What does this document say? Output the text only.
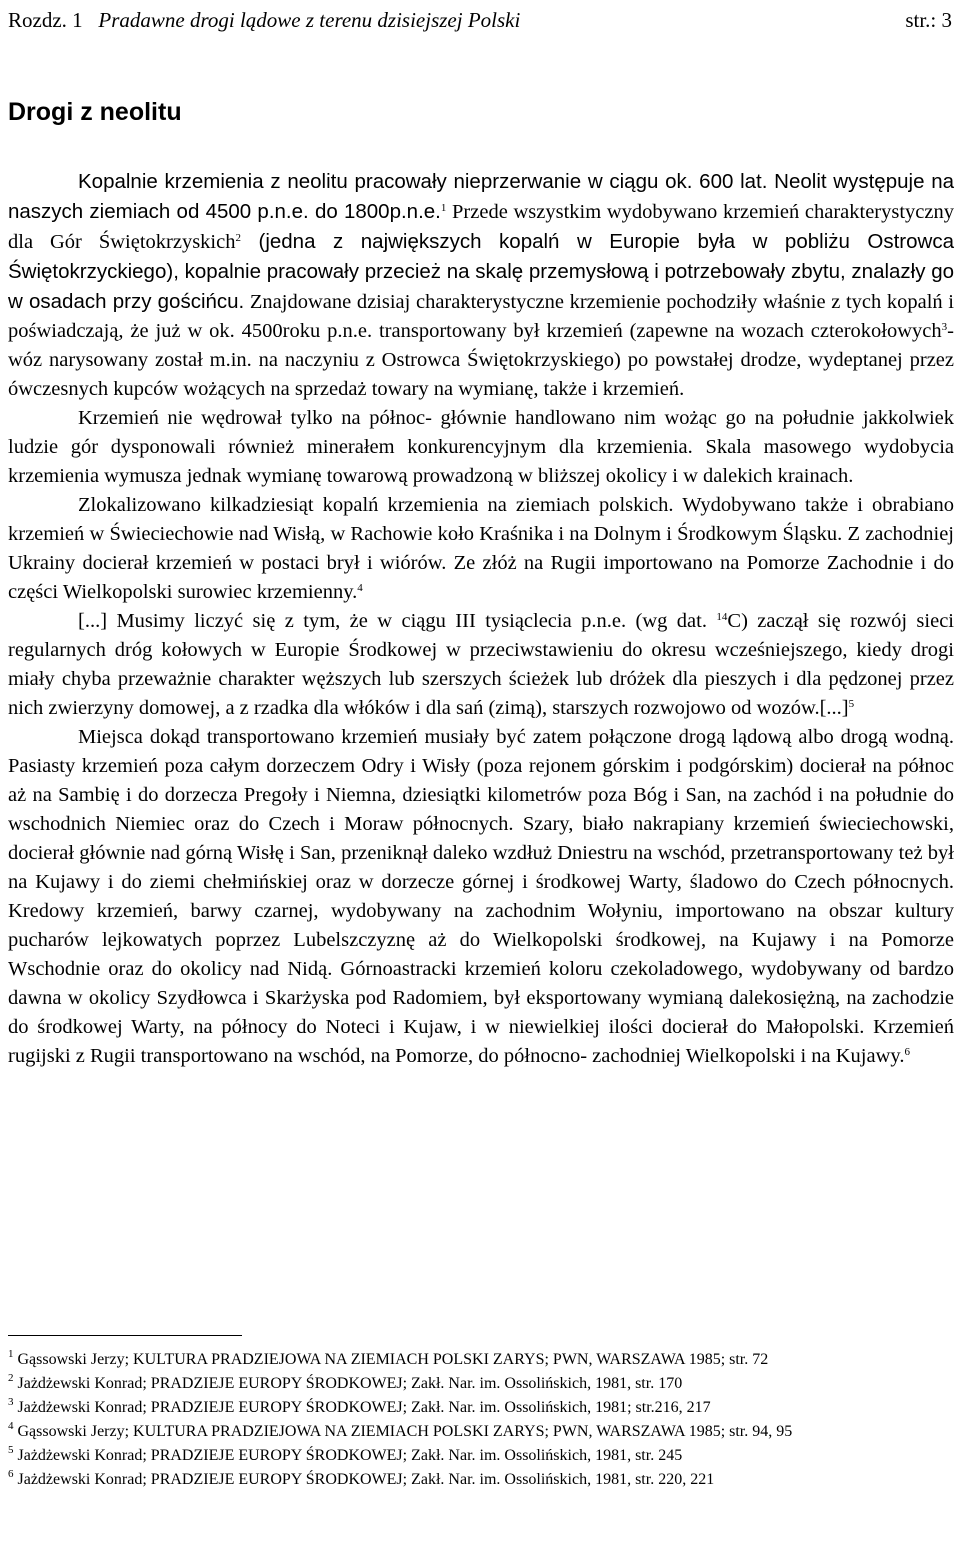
Rozdz. 1 Pradawne drogi lądowe z terenu dzisiejszej Polski	str.: 3
Drogi z neolitu

Kopalnie krzemienia z neolitu pracowały nieprzerwanie w ciągu ok. 600 lat. Neolit występuje na naszych ziemiach od 4500 p.n.e. do 1800p.n.e.$^1$ Przede wszystkim wydobywano krzemień charakterystyczny dla Gór Świętokrzyskich$^2$ (jedna z największych kopalń w Europie była w pobliżu Ostrowca Świętokrzyckiego), kopalnie pracowały przecież na skalę przemysłową i potrzebowały zbytu, znalazły go w osadach przy gościńcu. Znajdowane dzisiaj charakterystyczne krzemienie pochodziły właśnie z tych kopalń i poświadczają, że już w ok. 4500roku p.n.e. transportowany był krzemień (zapewne na wozach czterokołowych$^3$- wóz narysowany został m.in. na naczyniu z Ostrowca Świętokrzyskiego) po powstałej drodze, wydeptanej przez ówczesnych kupców wożących na sprzedaż towary na wymianę, także i krzemień.

Krzemień nie wędrował tylko na północ- głównie handlowano nim wożąc go na południe jakkolwiek ludzie gór dysponowali również minerałem konkurencyjnym dla krzemienia. Skala masowego wydobycia krzemienia wymusza jednak wymianę towarową prowadzoną w bliższej okolicy i w dalekich krainach.

Zlokalizowano kilkadziesiąt kopalń krzemienia na ziemiach polskich. Wydobywano także i obrabiano krzemień w Świeciechowie nad Wisłą, w Rachowie koło Kraśnika i na Dolnym i Środkowym Śląsku. Z zachodniej Ukrainy docierał krzemień w postaci brył i wiórów. Ze złóż na Rugii importowano na Pomorze Zachodnie i do części Wielkopolski surowiec krzemienny.$^4$

[...] Musimy liczyć się z tym, że w ciągu III tysiąclecia p.n.e. (wg dat. $^{14}$C) zaczął się rozwój sieci regularnych dróg kołowych w Europie Środkowej w przeciwstawieniu do okresu wcześniejszego, kiedy drogi miały chyba przeważnie charakter węższych lub szerszych ścieżek lub dróżek dla pieszych i dla pędzonej przez nich zwierzyny domowej, a z rzadka dla włóków i dla sań (zimą), starszych rozwojowo od wozów.[...]$^5$

Miejsca dokąd transportowano krzemień musiały być zatem połączone drogą lądową albo drogą wodną. Pasiasty krzemień poza całym dorzeczem Odry i Wisły (poza rejonem górskim i podgórskim) docierał na północ aż na Sambię i do dorzecza Pregoły i Niemna, dziesiątki kilometrów poza Bóg i San, na zachód i na południe do wschodnich Niemiec oraz do Czech i Moraw północnych. Szary, biało nakrapiany krzemień świeciechowski, docierał głównie nad górną Wisłę i San, przeniknął daleko wzdłuż Dniestru na wschód, przetransportowany też był na Kujawy i do ziemi chełmińskiej oraz w dorzecze górnej i środkowej Warty, śladowo do Czech północnych. Kredowy krzemień, barwy czarnej, wydobywany na zachodnim Wołyniu, importowano na obszar kultury pucharów lejkowatych poprzez Lubelszczyznę aż do Wielkopolski środkowej, na Kujawy i na Pomorze Wschodnie oraz do okolicy nad Nidą. Górnoastracki krzemień koloru czekoladowego, wydobywany od bardzo dawna w okolicy Szydłowca i Skarżyska pod Radomiem, był eksportowany wymianą dalekosiężną, na zachodzie do środkowej Warty, na północy do Noteci i Kujaw, i w niewielkiej ilości docierał do Małopolski. Krzemień rugijski z Rugii transportowano na wschód, na Pomorze, do północno- zachodniej Wielkopolski i na Kujawy.$^6$

$^1$ Gąssowski Jerzy; KULTURA PRADZIEJOWA NA ZIEMIACH POLSKI ZARYS; PWN, WARSZAWA 1985; str. 72

$^2$ Jażdżewski Konrad; PRADZIEJE EUROPY ŚRODKOWEJ; Zakł. Nar. im. Ossolińskich, 1981, str. 170

$^3$ Jażdżewski Konrad; PRADZIEJE EUROPY ŚRODKOWEJ; Zakł. Nar. im. Ossolińskich, 1981; str.216, 217

$^4$ Gąssowski Jerzy; KULTURA PRADZIEJOWA NA ZIEMIACH POLSKI ZARYS; PWN, WARSZAWA 1985; str. 94, 95

$^5$ Jażdżewski Konrad; PRADZIEJE EUROPY ŚRODKOWEJ; Zakł. Nar. im. Ossolińskich, 1981, str. 245

$^6$ Jażdżewski Konrad; PRADZIEJE EUROPY ŚRODKOWEJ; Zakł. Nar. im. Ossolińskich, 1981, str. 220, 221
